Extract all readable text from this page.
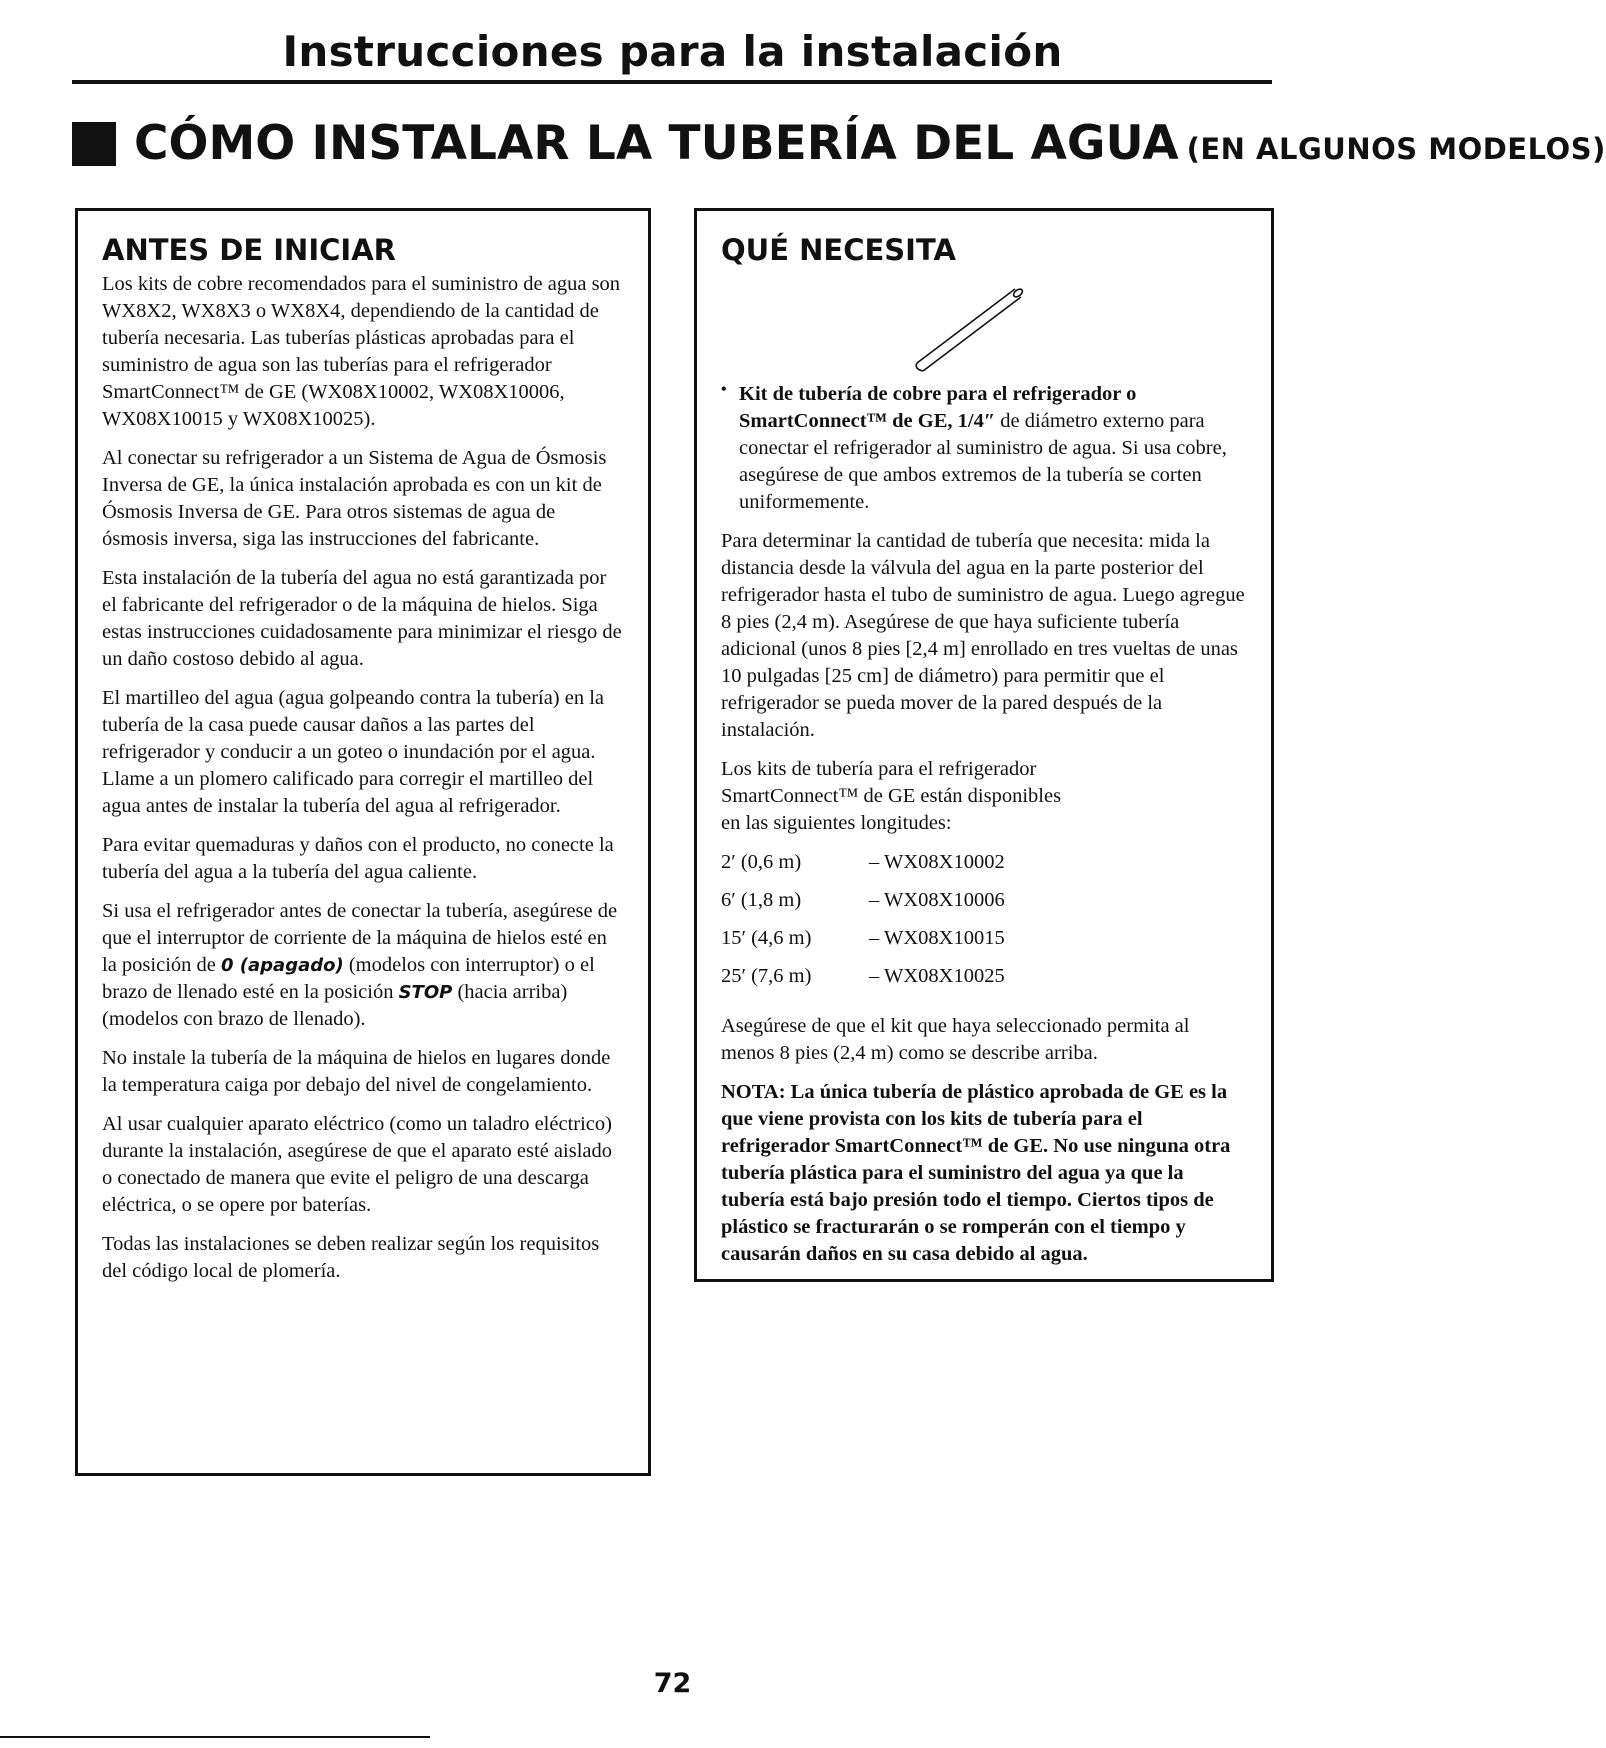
Instrucciones para la instalación
CÓMO INSTALAR LA TUBERÍA DEL AGUA (EN ALGUNOS MODELOS)
ANTES DE INICIAR

Los kits de cobre recomendados para el suministro de agua son WX8X2, WX8X3 o WX8X4, dependiendo de la cantidad de tubería necesaria. Las tuberías plásticas aprobadas para el suministro de agua son las tuberías para el refrigerador SmartConnect™ de GE (WX08X10002, WX08X10006, WX08X10015 y WX08X10025).

Al conectar su refrigerador a un Sistema de Agua de Ósmosis Inversa de GE, la única instalación aprobada es con un kit de Ósmosis Inversa de GE. Para otros sistemas de agua de ósmosis inversa, siga las instrucciones del fabricante.

Esta instalación de la tubería del agua no está garantizada por el fabricante del refrigerador o de la máquina de hielos. Siga estas instrucciones cuidadosamente para minimizar el riesgo de un daño costoso debido al agua.

El martilleo del agua (agua golpeando contra la tubería) en la tubería de la casa puede causar daños a las partes del refrigerador y conducir a un goteo o inundación por el agua. Llame a un plomero calificado para corregir el martilleo del agua antes de instalar la tubería del agua al refrigerador.

Para evitar quemaduras y daños con el producto, no conecte la tubería del agua a la tubería del agua caliente.

Si usa el refrigerador antes de conectar la tubería, asegúrese de que el interruptor de corriente de la máquina de hielos esté en la posición de 0 (apagado) (modelos con interruptor) o el brazo de llenado esté en la posición STOP (hacia arriba) (modelos con brazo de llenado).

No instale la tubería de la máquina de hielos en lugares donde la temperatura caiga por debajo del nivel de congelamiento.

Al usar cualquier aparato eléctrico (como un taladro eléctrico) durante la instalación, asegúrese de que el aparato esté aislado o conectado de manera que evite el peligro de una descarga eléctrica, o se opere por baterías.

Todas las instalaciones se deben realizar según los requisitos del código local de plomería.

QUÉ NECESITA
• Kit de tubería de cobre para el refrigerador o SmartConnect™ de GE, 1/4″ de diámetro externo para conectar el refrigerador al suministro de agua. Si usa cobre, asegúrese de que ambos extremos de la tubería se corten uniformemente.

Para determinar la cantidad de tubería que necesita: mida la distancia desde la válvula del agua en la parte posterior del refrigerador hasta el tubo de suministro de agua. Luego agregue 8 pies (2,4 m). Asegúrese de que haya suficiente tubería adicional (unos 8 pies [2,4 m] enrollado en tres vueltas de unas 10 pulgadas [25 cm] de diámetro) para permitir que el refrigerador se pueda mover de la pared después de la instalación.

Los kits de tubería para el refrigerador SmartConnect™ de GE están disponibles en las siguientes longitudes:

2′ (0,6 m)	– WX08X10002
6′ (1,8 m)	– WX08X10006
15′ (4,6 m)	– WX08X10015
25′ (7,6 m)	– WX08X10025

Asegúrese de que el kit que haya seleccionado permita al menos 8 pies (2,4 m) como se describe arriba.

NOTA: La única tubería de plástico aprobada de GE es la que viene provista con los kits de tubería para el refrigerador SmartConnect™ de GE. No use ninguna otra tubería plástica para el suministro del agua ya que la tubería está bajo presión todo el tiempo. Ciertos tipos de plástico se fracturarán o se romperán con el tiempo y causarán daños en su casa debido al agua.

72
